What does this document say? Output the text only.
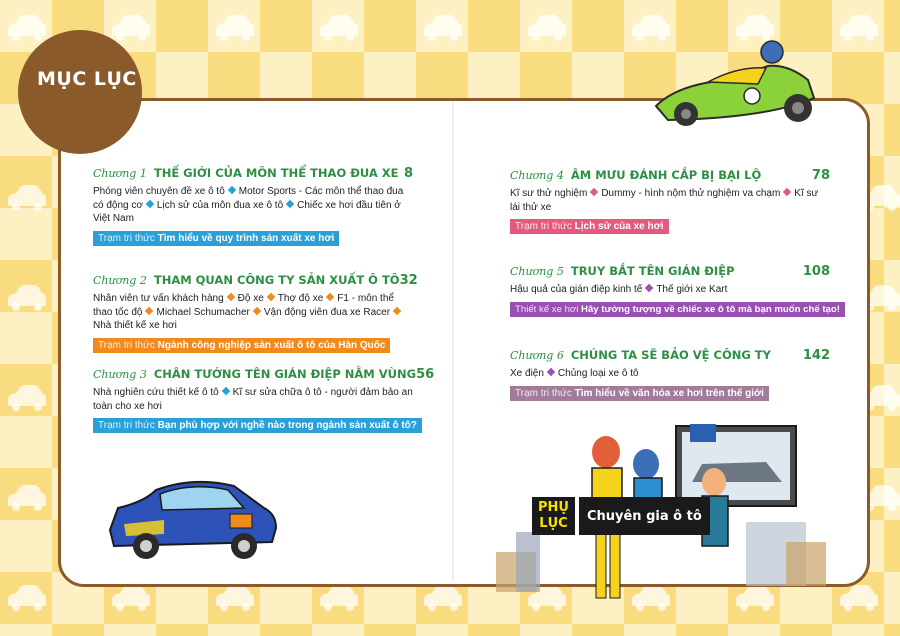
MỤC LỤC
Chương 1 THẾ GIỚI CỦA MÔN THỂ THAO ĐUA XE 8
Phóng viên chuyên đề xe ô tô Motor Sports - Các môn thể thao đua có động cơ Lịch sử của môn đua xe ô tô Chiếc xe hơi đầu tiên ở Việt Nam
Trạm tri thức Tìm hiểu về quy trình sản xuất xe hơi
Chương 2 THAM QUAN CÔNG TY SẢN XUẤT Ô TÔ 32
Nhân viên tư vấn khách hàng Độ xe Thợ độ xe F1 - môn thể thao tốc độ Michael Schumacher Vận động viên đua xe RacerNhà thiết kế xe hơi
Trạm tri thức Ngành công nghiệp sản xuất ô tô của Hàn Quốc
Chương 3 CHÂN TƯỚNG TÊN GIÁN ĐIỆP NẰM VÙNG 56
Nhà nghiên cứu thiết kế ô tô Kĩ sư sửa chữa ô tô - người đảm bảo an toàn cho xe hơi
Trạm tri thức Bạn phù hợp với nghề nào trong ngành sản xuất ô tô?
Chương 4 ÂM MƯU ĐÁNH CẮP BỊ BẠI LỘ	78
Kĩ sư thử nghiệm Dummy - hình nộm thử nghiệm va chạm Kĩ sư lái thử xe
Trạm tri thức Lịch sử của xe hơi
Chương 5 TRUY BẮT TÊN GIÁN ĐIỆP	108
Hậu quả của gián điệp kinh tế Thế giới xe Kart
Thiết kế xe hơi Hãy tưởng tượng về chiếc xe ô tô mà bạn muốn chế tạo!
Chương 6 CHÚNG TA SẼ BẢO VỆ CÔNG TY	142
Xe điện Chủng loại xe ô tô
Trạm tri thức Tìm hiểu về văn hóa xe hơi trên thế giới
PHỤ
LỤC	Chuyên gia ô tô
